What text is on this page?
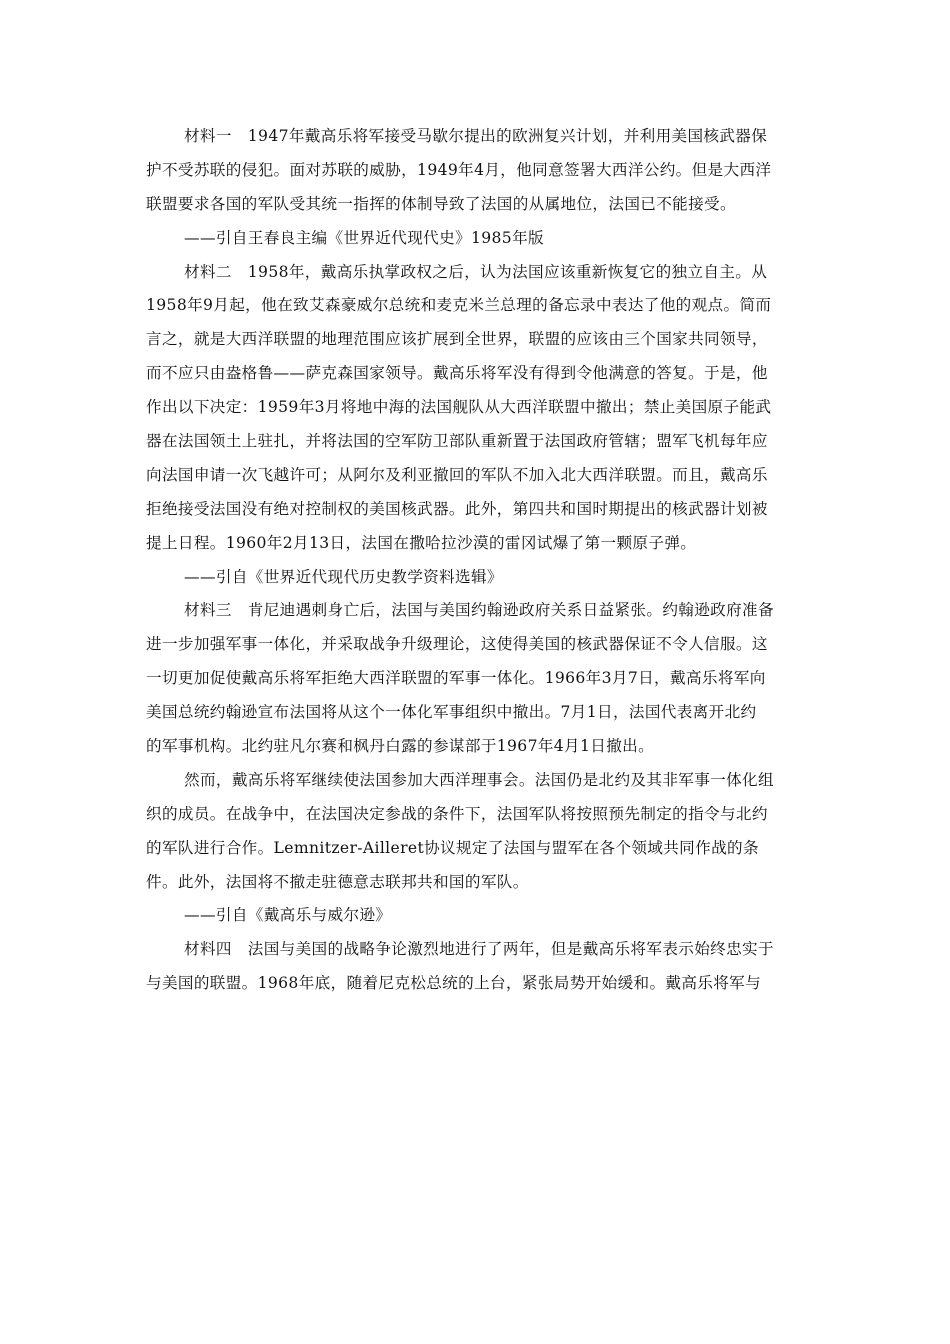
材料一　1947年戴高乐将军接受马歇尔提出的欧洲复兴计划，并利用美国核武器保
护不受苏联的侵犯。面对苏联的威胁，1949年4月，他同意签署大西洋公约。但是大西洋
联盟要求各国的军队受其统一指挥的体制导致了法国的从属地位，法国已不能接受。
——引自王春良主编《世界近代现代史》1985年版
材料二　1958年，戴高乐执掌政权之后，认为法国应该重新恢复它的独立自主。从
1958年9月起，他在致艾森豪威尔总统和麦克米兰总理的备忘录中表达了他的观点。简而
言之，就是大西洋联盟的地理范围应该扩展到全世界，联盟的应该由三个国家共同领导，
而不应只由盎格鲁——萨克森国家领导。戴高乐将军没有得到令他满意的答复。于是，他
作出以下决定：1959年3月将地中海的法国舰队从大西洋联盟中撤出；禁止美国原子能武
器在法国领土上驻扎，并将法国的空军防卫部队重新置于法国政府管辖；盟军飞机每年应
向法国申请一次飞越许可；从阿尔及利亚撤回的军队不加入北大西洋联盟。而且，戴高乐
拒绝接受法国没有绝对控制权的美国核武器。此外，第四共和国时期提出的核武器计划被
提上日程。1960年2月13日，法国在撒哈拉沙漠的雷冈试爆了第一颗原子弹。
——引自《世界近代现代历史教学资料选辑》
材料三　肯尼迪遇刺身亡后，法国与美国约翰逊政府关系日益紧张。约翰逊政府准备
进一步加强军事一体化，并采取战争升级理论，这使得美国的核武器保证不令人信服。这
一切更加促使戴高乐将军拒绝大西洋联盟的军事一体化。1966年3月7日，戴高乐将军向
美国总统约翰逊宣布法国将从这个一体化军事组织中撤出。7月1日，法国代表离开北约
的军事机构。北约驻凡尔赛和枫丹白露的参谋部于1967年4月1日撤出。
然而，戴高乐将军继续使法国参加大西洋理事会。法国仍是北约及其非军事一体化组
织的成员。在战争中，在法国决定参战的条件下，法国军队将按照预先制定的指令与北约
的军队进行合作。Lemnitzer-Ailleret协议规定了法国与盟军在各个领域共同作战的条
件。此外，法国将不撤走驻德意志联邦共和国的军队。
——引自《戴高乐与威尔逊》
材料四　法国与美国的战略争论激烈地进行了两年，但是戴高乐将军表示始终忠实于
与美国的联盟。1968年底，随着尼克松总统的上台，紧张局势开始缓和。戴高乐将军与
